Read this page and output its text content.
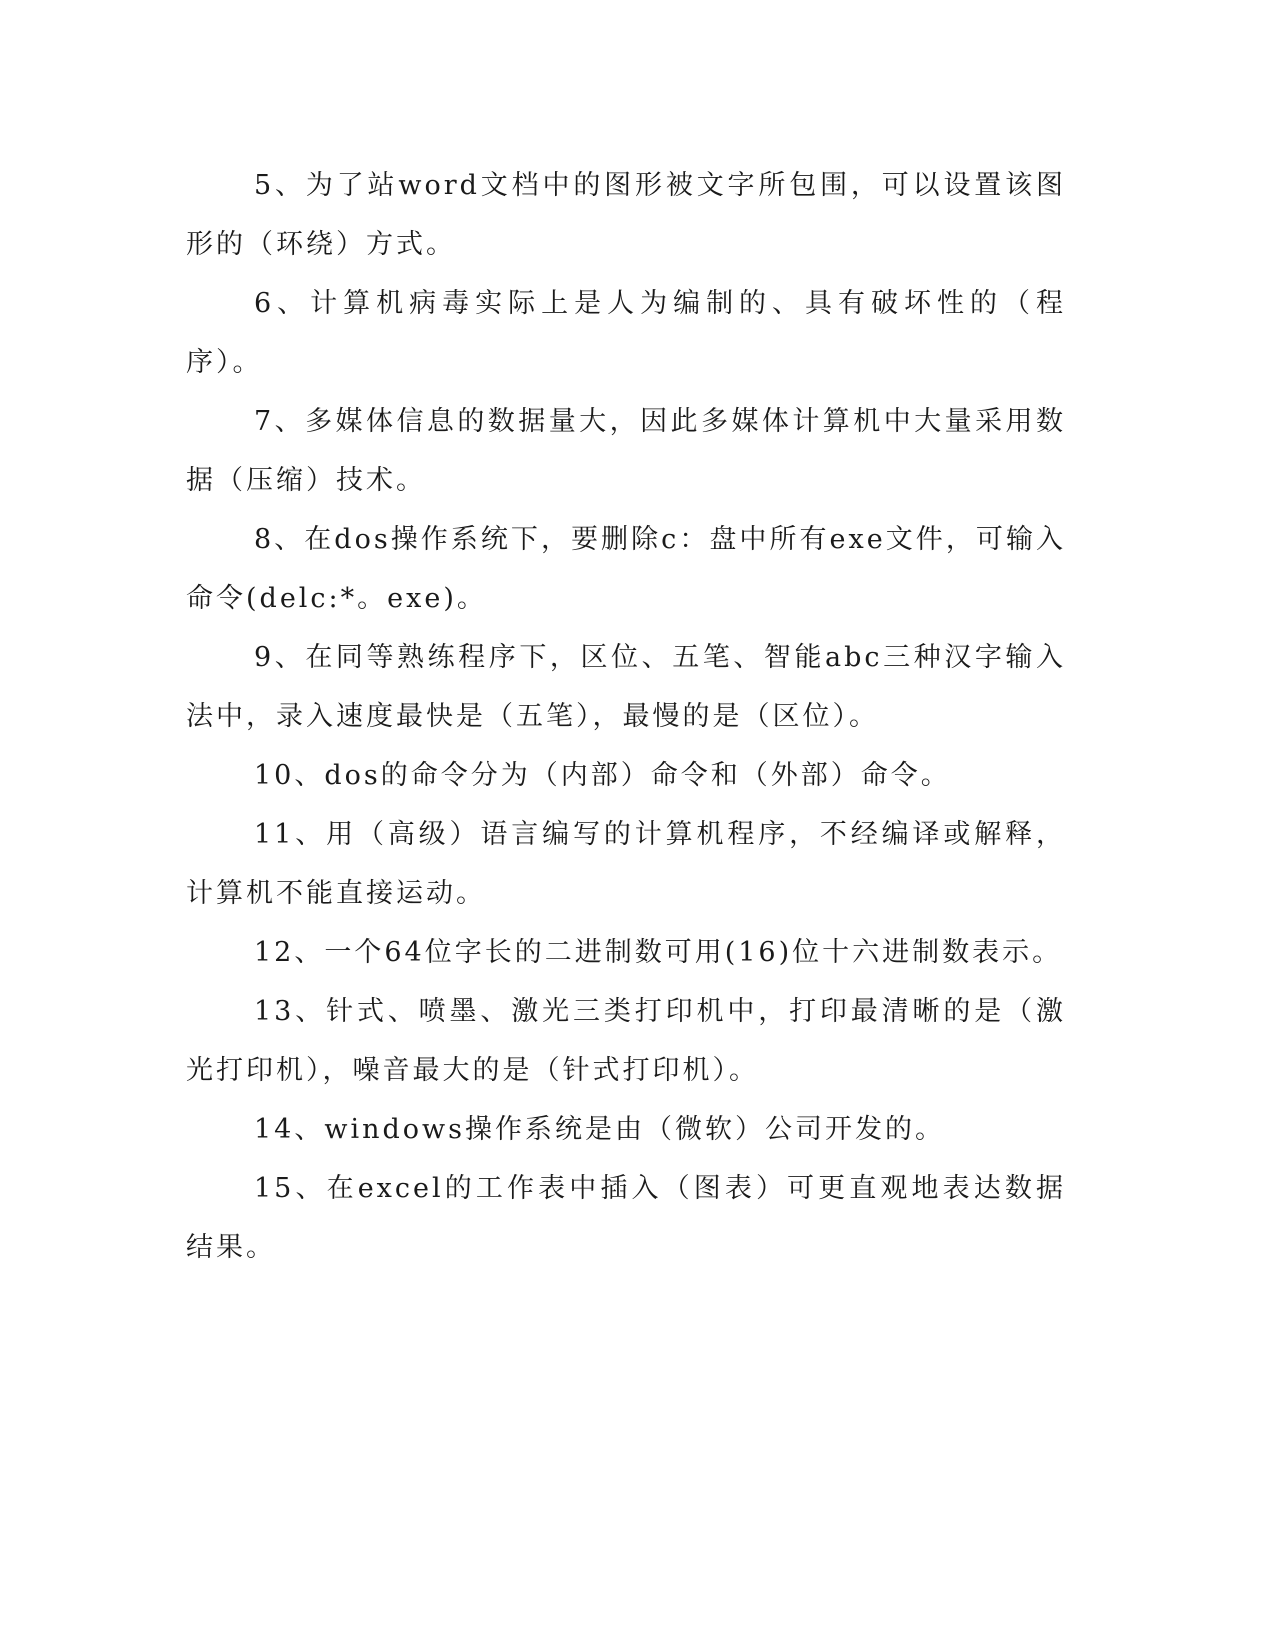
5、为了站word文档中的图形被文字所包围，可以设置该图形的（环绕）方式。

6、计算机病毒实际上是人为编制的、具有破坏性的（程序）。

7、多媒体信息的数据量大，因此多媒体计算机中大量采用数据（压缩）技术。

8、在dos操作系统下，要删除c：盘中所有exe文件，可输入命令(delc:*。exe)。

9、在同等熟练程序下，区位、五笔、智能abc三种汉字输入法中，录入速度最快是（五笔），最慢的是（区位）。

10、dos的命令分为（内部）命令和（外部）命令。

11、用（高级）语言编写的计算机程序，不经编译或解释，计算机不能直接运动。

12、一个64位字长的二进制数可用(16)位十六进制数表示。

13、针式、喷墨、激光三类打印机中，打印最清晰的是（激光打印机），噪音最大的是（针式打印机）。

14、windows操作系统是由（微软）公司开发的。

15、在excel的工作表中插入（图表）可更直观地表达数据结果。
